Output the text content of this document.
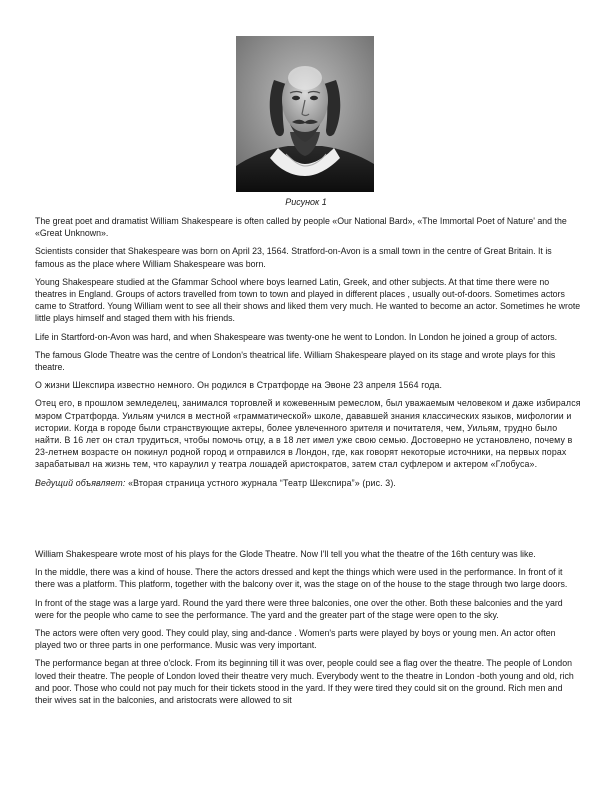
Рисунок 1

The great poet and dramatist William Shakespeare is often called by people «Our National Bard», «The Immortal Poet of Nature' and the «Great Unknown».

Scientists consider that Shakespeare was born on April 23, 1564. Stratford-on-Avon is a small town in the centre of Great Britain. It is famous as the place where William Shakespeare was born.

Young Shakespeare studied at the Gfammar School where boys learned Latin, Greek, and other subjects. At that time there were no theatres in England. Groups of actors travelled from town to town and played in different places , usually out-of-doors. Sometimes actors came to Stratford. Young William went to see all their shows and liked them very much. He wanted to become an actor. Sometimes he wrote little plays himself and staged them with his friends.

Life in Startford-on-Avon was hard, and when Shakespeare was twenty-one he went to London. In London he joined a group of actors.

The famous Glode Theatre was the centre of London's theatrical life. William Shakespeare played on its stage and wrote plays for this theatre.

О жизни Шекспира известно немного. Он родился в Стратфорде на Эвоне 23 апреля 1564 года.

Отец его, в прошлом земледелец, занимался торговлей и кожевенным ремеслом, был уважаемым человеком и даже избирался мэром Стратфорда. Уильям учился в местной «грамматической» школе, дававшей знания классических языков, мифологии и истории. Когда в городе были странствующие актеры, более увлеченного зрителя и почитателя, чем, Уильям, трудно было найти. В 16 лет он стал трудиться, чтобы помочь отцу, а в 18 лет имел уже свою семью. Достоверно не установлено, почему в 23-летнем возрасте он покинул родной город и отправился в Лондон, где, как говорят некоторые источники, на первых порах зарабатывал на жизнь тем, что караулил у театра лошадей аристократов, затем стал суфлером и актером «Глобуса».

Ведущий объявляет: «Вторая страница устного журнала “Театр Шекспира”» (рис. 3).

William Shakespeare wrote most of his plays for the Glode Theatre. Now I'll tell you what the theatre of the 16th century was like.

In the middle, there was a kind of house. There the actors dressed and kept the things which were used in the performance. In front of it there was a platform. This platform, together with the balcony over it, was the stage on of the house to the stage through two large doors.

In front of the stage was a large yard. Round the yard there were three balconies, one over the other. Both these balconies and the yard were for the people who came to see the performance. The yard and the greater part of the stage were open to the sky.

The actors were often very good. They could play, sing and-dance . Women's parts were played by boys or young men. An actor often played two or three parts in one performance. Music was very important.

The performance began at three o'clock. From its beginning till it was over, people could see a flag over the theatre. The people of London loved their theatre. The people of London loved their theatre very much. Everybody went to the theatre in London -both young and old, rich and poor. Those who could not pay much for their tickets stood in the yard. If they were tired they could sit on the ground. Rich men and their wives sat in the balconies, and aristocrats were allowed to sit
